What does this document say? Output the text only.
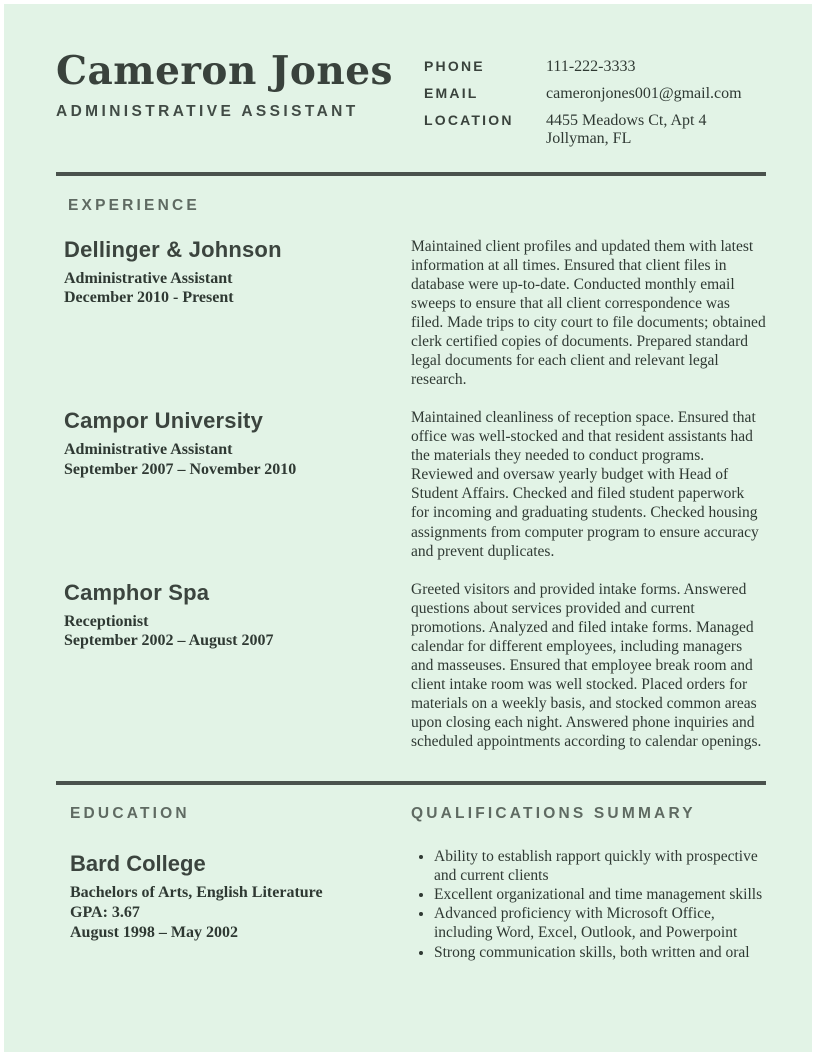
Cameron Jones
ADMINISTRATIVE ASSISTANT
PHONE	111-222-3333
EMAIL	cameronjones001@gmail.com
LOCATION	4455 Meadows Ct, Apt 4
Jollyman, FL
EXPERIENCE
Dellinger & Johnson
Administrative Assistant
December 2010 - Present
Maintained client profiles and updated them with latest information at all times. Ensured that client files in database were up-to-date. Conducted monthly email sweeps to ensure that all client correspondence was filed. Made trips to city court to file documents; obtained clerk certified copies of documents. Prepared standard legal documents for each client and relevant legal research.
Campor University
Administrative Assistant
September 2007 – November 2010
Maintained cleanliness of reception space. Ensured that office was well-stocked and that resident assistants had the materials they needed to conduct programs. Reviewed and oversaw yearly budget with Head of Student Affairs. Checked and filed student paperwork for incoming and graduating students. Checked housing assignments from computer program to ensure accuracy and prevent duplicates.
Camphor Spa
Receptionist
September 2002 – August 2007
Greeted visitors and provided intake forms. Answered questions about services provided and current promotions. Analyzed and filed intake forms. Managed calendar for different employees, including managers and masseuses. Ensured that employee break room and client intake room was well stocked. Placed orders for materials on a weekly basis, and stocked common areas upon closing each night. Answered phone inquiries and scheduled appointments according to calendar openings.
EDUCATION
Bard College
Bachelors of Arts, English Literature
GPA: 3.67
August 1998 – May 2002
QUALIFICATIONS SUMMARY
• Ability to establish rapport quickly with prospective and current clients
• Excellent organizational and time management skills
• Advanced proficiency with Microsoft Office, including Word, Excel, Outlook, and Powerpoint
• Strong communication skills, both written and oral
